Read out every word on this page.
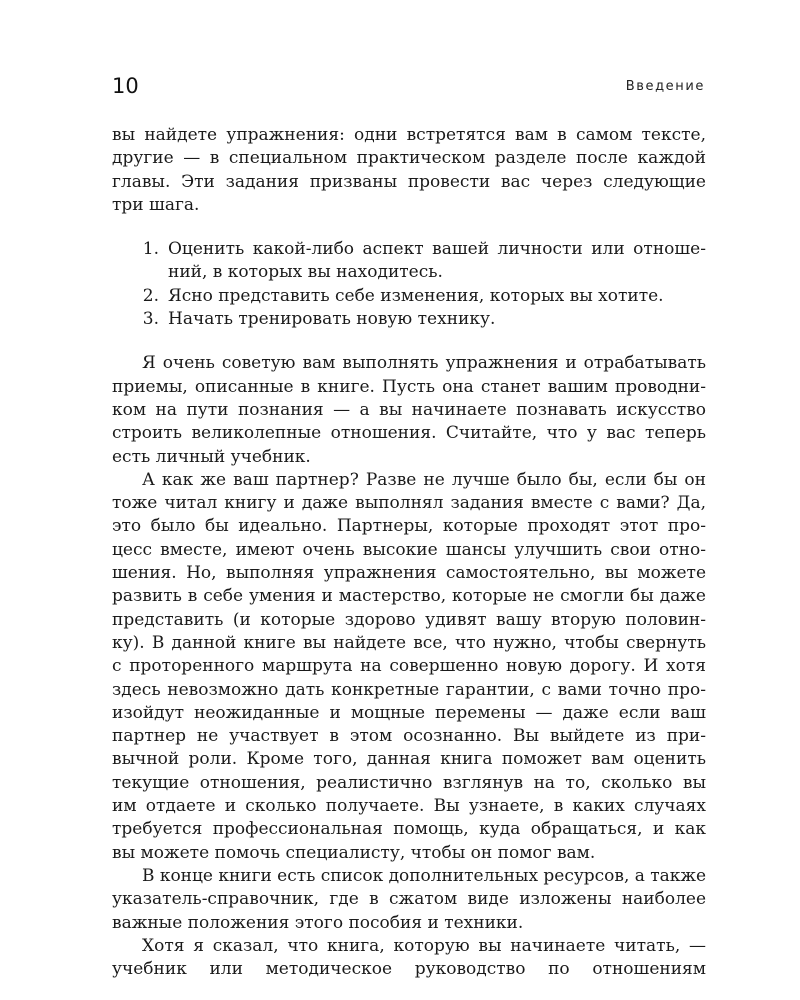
10	Введение
вы найдете упражнения: одни встретятся вам в самом тексте,
другие — в специальном практическом разделе после каждой
главы. Эти задания призваны провести вас через следующие
три шага.
1. Оценить какой-либо аспект вашей личности или отноше-
ний, в которых вы находитесь.
2. Ясно представить себе изменения, которых вы хотите.
3. Начать тренировать новую технику.
Я очень советую вам выполнять упражнения и отрабатывать
приемы, описанные в книге. Пусть она станет вашим проводни-
ком на пути познания — а вы начинаете познавать искусство
строить великолепные отношения. Считайте, что у вас теперь
есть личный учебник.
А как же ваш партнер? Разве не лучше было бы, если бы он
тоже читал книгу и даже выполнял задания вместе с вами? Да,
это было бы идеально. Партнеры, которые проходят этот про-
цесс вместе, имеют очень высокие шансы улучшить свои отно-
шения. Но, выполняя упражнения самостоятельно, вы можете
развить в себе умения и мастерство, которые не смогли бы даже
представить (и которые здорово удивят вашу вторую половин-
ку). В данной книге вы найдете все, что нужно, чтобы свернуть
с проторенного маршрута на совершенно новую дорогу. И хотя
здесь невозможно дать конкретные гарантии, с вами точно про-
изойдут неожиданные и мощные перемены — даже если ваш
партнер не участвует в этом осознанно. Вы выйдете из при-
вычной роли. Кроме того, данная книга поможет вам оценить
текущие отношения, реалистично взглянув на то, сколько вы
им отдаете и сколько получаете. Вы узнаете, в каких случаях
требуется профессиональная помощь, куда обращаться, и как
вы можете помочь специалисту, чтобы он помог вам.
В конце книги есть список дополнительных ресурсов, а также
указатель-справочник, где в сжатом виде изложены наиболее
важные положения этого пособия и техники.
Хотя я сказал, что книга, которую вы начинаете читать, —
учебник или методическое руководство по отношениям
